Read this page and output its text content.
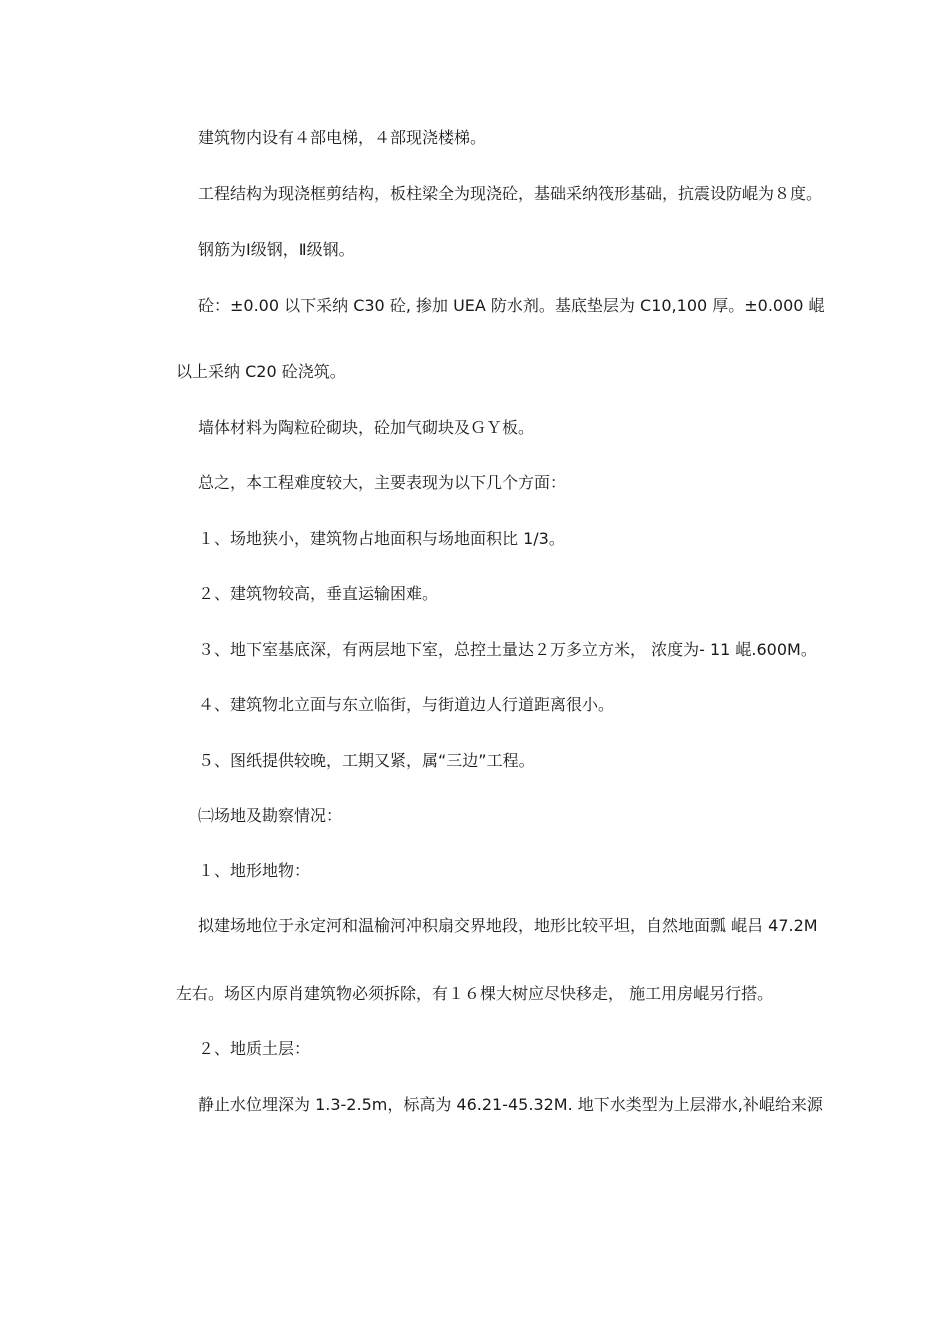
建筑物内设有４部电梯，４部现浇楼梯。

工程结构为现浇框剪结构，板柱梁全为现浇砼，基础采纳筏形基础，抗震设防崐为８度。

钢筋为Ⅰ级钢，Ⅱ级钢。

砼：±0.00 以下采纳 C30 砼, 掺加 UEA 防水剂。基底垫层为 C10,100 厚。±0.000 崐

以上采纳 C20 砼浇筑。

墙体材料为陶粒砼砌块，砼加气砌块及ＧＹ板。

总之，本工程难度较大，主要表现为以下几个方面：

１、场地狭小，建筑物占地面积与场地面积比 1/3。

２、建筑物较高，垂直运输困难。

３、地下室基底深，有两层地下室，总控土量达２万多立方米， 浓度为- 11 崐.600M。

４、建筑物北立面与东立临街，与街道边人行道距离很小。

５、图纸提供较晚，工期又紧，属“三边”工程。

㈡场地及勘察情况：

１、地形地物：

拟建场地位于永定河和温榆河冲积扇交界地段，地形比较平坦，自然地面瓢 崐吕 47.2M

左右。场区内原肖建筑物必须拆除，有１６棵大树应尽快移走， 施工用房崐另行搭。

２、地质土层：

静止水位埋深为 1.3-2.5m，标高为 46.21-45.32M. 地下水类型为上层滞水,补崐给来源
